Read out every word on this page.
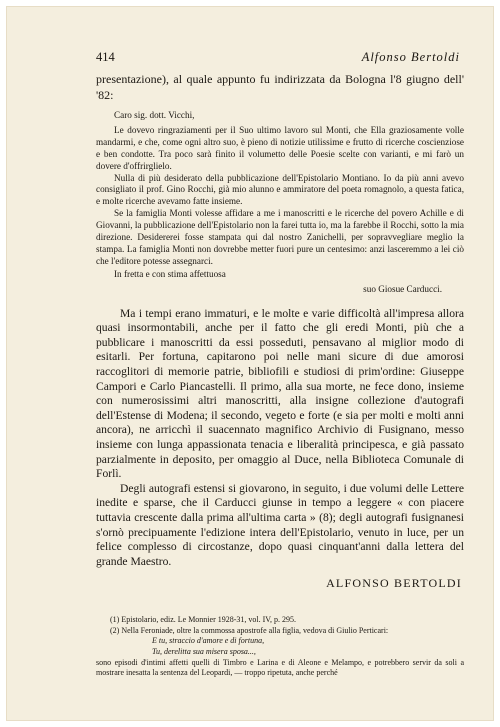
414	Alfonso Bertoldi

presentazione), al quale appunto fu indirizzata da Bologna l'8 giugno dell' '82:

Caro sig. dott. Vicchi,

Le dovevo ringraziamenti per il Suo ultimo lavoro sul Monti, che Ella graziosamente volle mandarmi, e che, come ogni altro suo, è pieno di notizie utilissime e frutto di ricerche coscienziose e ben condotte. Tra poco sarà finito il volumetto delle Poesie scelte con varianti, e mi farò un dovere d'offrirglielo.

Nulla di più desiderato della pubblicazione dell'Epistolario Montiano. Io da più anni avevo consigliato il prof. Gino Rocchi, già mio alunno e ammiratore del poeta romagnolo, a questa fatica, e molte ricerche avevamo fatte insieme.

Se la famiglia Monti volesse affidare a me i manoscritti e le ricerche del povero Achille e di Giovanni, la pubblicazione dell'Epistolario non la farei tutta io, ma la farebbe il Rocchi, sotto la mia direzione. Desidererei fosse stampata qui dal nostro Zanichelli, per sopravvegliare meglio la stampa. La famiglia Monti non dovrebbe metter fuori pure un centesimo: anzi lasceremmo a lei ciò che l'editore potesse assegnarci.

In fretta e con stima affettuosa

suo Giosue Carducci.

Ma i tempi erano immaturi, e le molte e varie difficoltà all'impresa allora quasi insormontabili, anche per il fatto che gli eredi Monti, più che a pubblicare i manoscritti da essi posseduti, pensavano al miglior modo di esitarli. Per fortuna, capitarono poi nelle mani sicure di due amorosi raccoglitori di memorie patrie, bibliofili e studiosi di prim'ordine: Giuseppe Campori e Carlo Piancastelli. Il primo, alla sua morte, ne fece dono, insieme con numerosissimi altri manoscritti, alla insigne collezione d'autografi dell'Estense di Modena; il secondo, vegeto e forte (e sia per molti e molti anni ancora), ne arricchì il suacennato magnifico Archivio di Fusignano, messo insieme con lunga appassionata tenacia e liberalità principesca, e già passato parzialmente in deposito, per omaggio al Duce, nella Biblioteca Comunale di Forlì.

Degli autografi estensi si giovarono, in seguito, i due volumi delle Lettere inedite e sparse, che il Carducci giunse in tempo a leggere « con piacere tuttavia crescente dalla prima all'ultima carta » (8); degli autografi fusignanesi s'ornò precipuamente l'edizione intera dell'Epistolario, venuto in luce, per un felice complesso di circostanze, dopo quasi cinquant'anni dalla lettera del grande Maestro.

ALFONSO BERTOLDI

(1) Epistolario, ediz. Le Monnier 1928-31, vol. IV, p. 295.

(2) Nella Feroniade, oltre la commossa apostrofe alla figlia, vedova di Giulio Perticari:

E tu, straccio d'amore e di fortuna,

Tu, derelitta sua misera sposa...,

sono episodi d'intimi affetti quelli di Timbro e Larina e di Aleone e Melampo, e potrebbero servir da soli a mostrare inesatta la sentenza del Leopardi, — troppo ripetuta, anche perché
